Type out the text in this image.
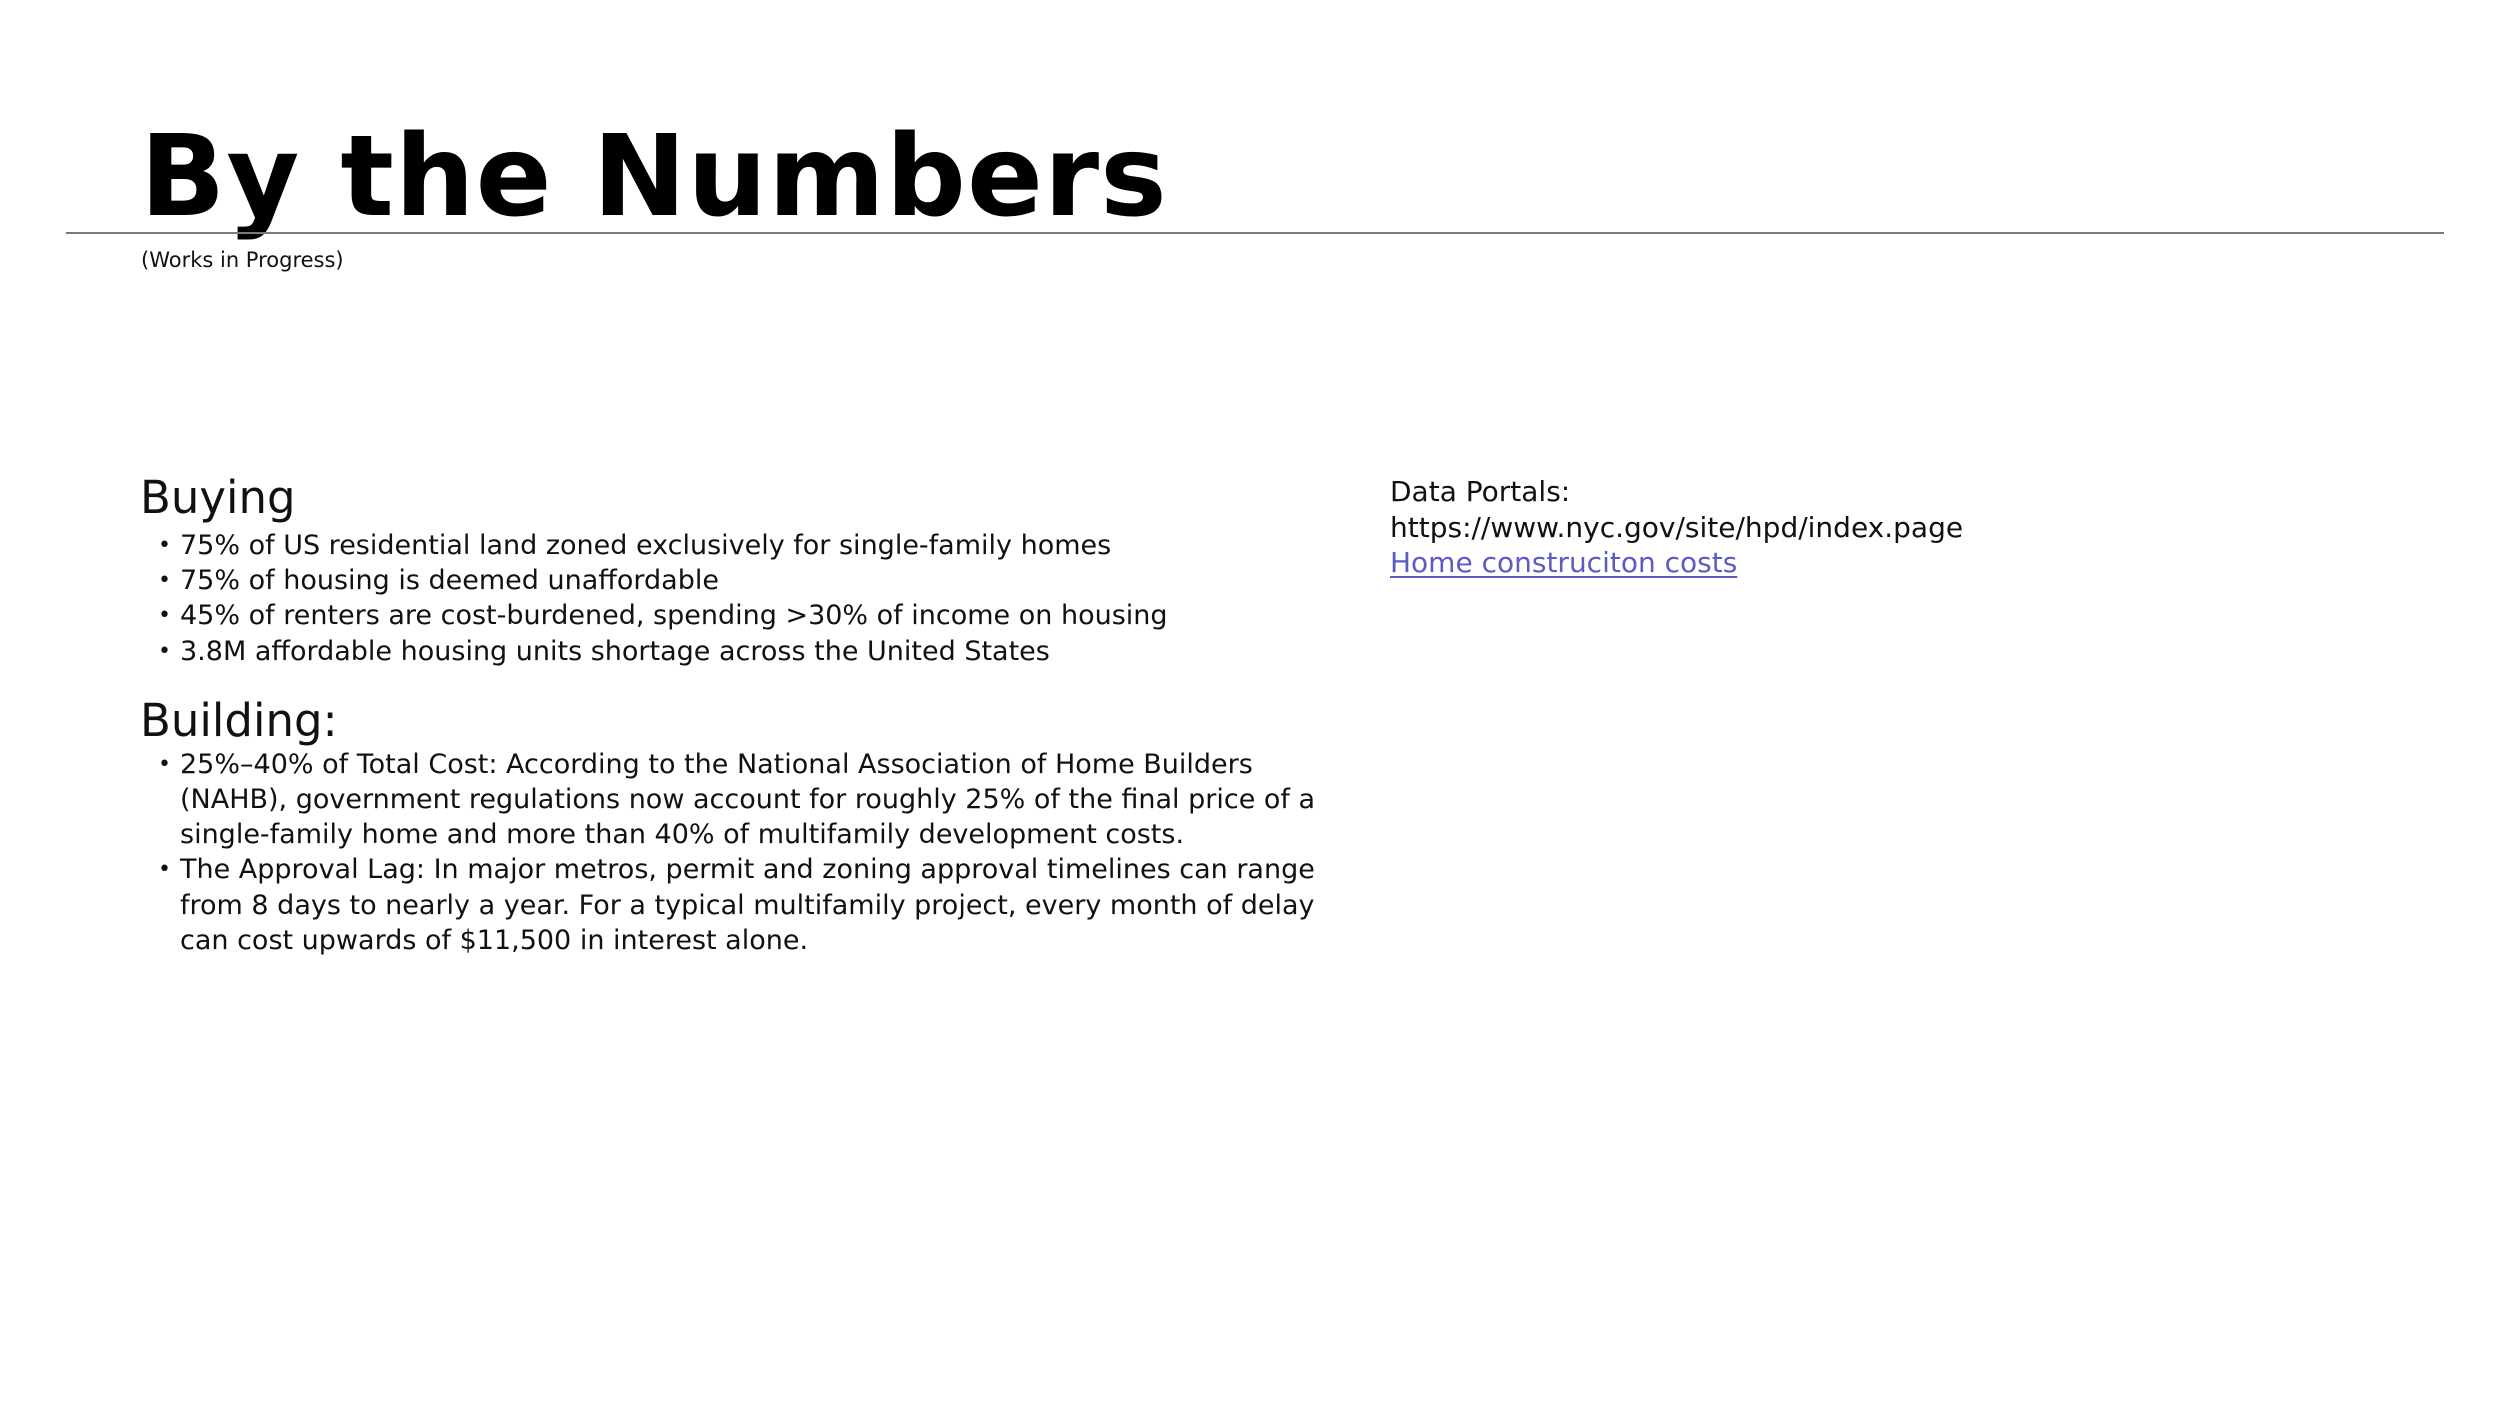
By the Numbers
(Works in Progress)
Buying
• 75% of US residential land zoned exclusively for single-family homes
• 75% of housing is deemed unaffordable
• 45% of renters are cost-burdened, spending >30% of income on housing
• 3.8M affordable housing units shortage across the United States
Building:
• 25%–40% of Total Cost: According to the National Association of Home Builders (NAHB), government regulations now account for roughly 25% of the final price of a single-family home and more than 40% of multifamily development costs.
• The Approval Lag: In major metros, permit and zoning approval timelines can range from 8 days to nearly a year. For a typical multifamily project, every month of delay can cost upwards of $11,500 in interest alone.
Data Portals:
https://www.nyc.gov/site/hpd/index.page
Home construciton costs
